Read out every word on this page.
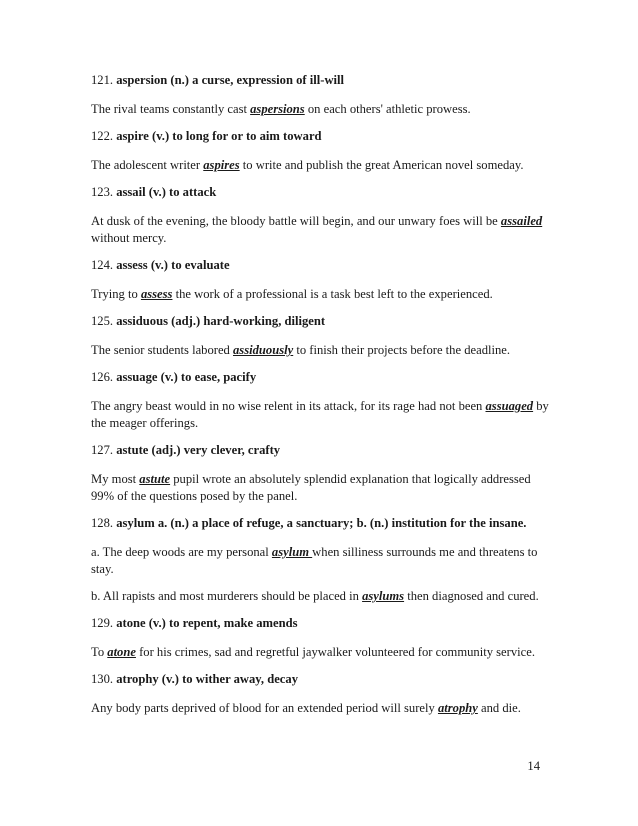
121. aspersion (n.) a curse, expression of ill-will

The rival teams constantly cast aspersions on each others' athletic prowess.

122. aspire (v.) to long for or to aim toward

The adolescent writer aspires to write and publish the great American novel someday.

123. assail (v.) to attack

At dusk of the evening, the bloody battle will begin, and our unwary foes will be assailed without mercy.

124. assess (v.) to evaluate

Trying to assess the work of a professional is a task best left to the experienced.

125. assiduous (adj.) hard-working, diligent

The senior students labored assiduously to finish their projects before the deadline.

126. assuage (v.) to ease, pacify

The angry beast would in no wise relent in its attack, for its rage had not been assuaged by the meager offerings.

127. astute (adj.) very clever, crafty

My most astute pupil wrote an absolutely splendid explanation that logically addressed 99% of the questions posed by the panel.

128. asylum a. (n.) a place of refuge, a sanctuary; b. (n.) institution for the insane.

a. The deep woods are my personal asylum when silliness surrounds me and threatens to stay.

b. All rapists and most murderers should be placed in asylums then diagnosed and cured.

129. atone (v.) to repent, make amends

To atone for his crimes, sad and regretful jaywalker volunteered for community service.

130. atrophy (v.) to wither away, decay

Any body parts deprived of blood for an extended period will surely atrophy and die.

14
